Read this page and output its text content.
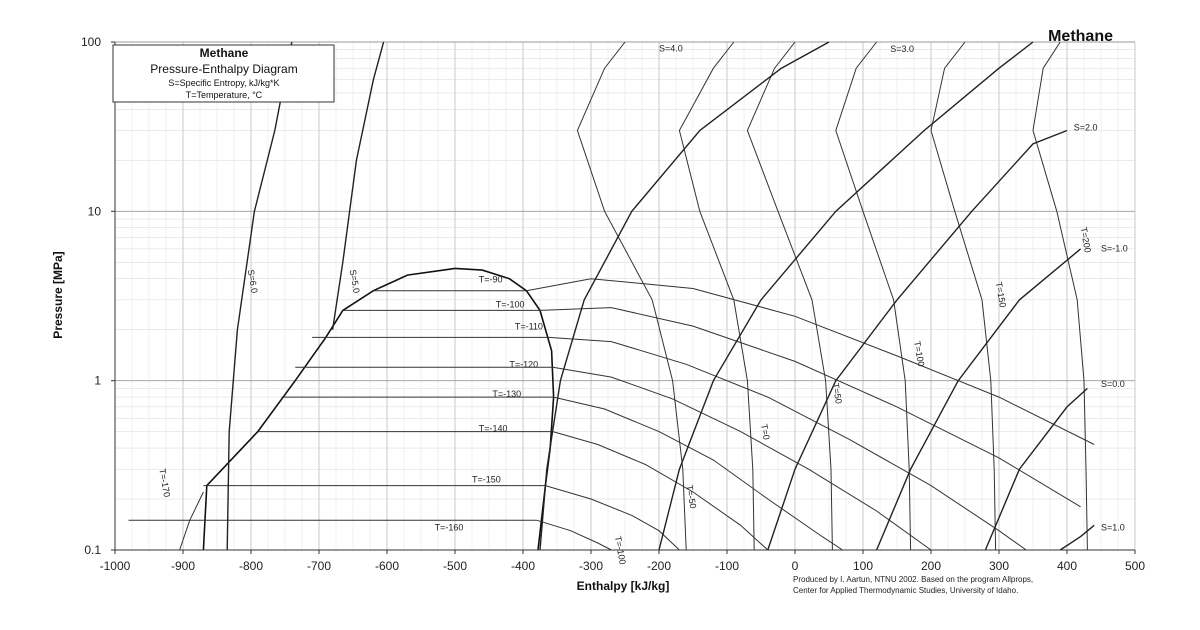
-1000	-900	-800	-700	-600	-500	-400	-300	-200	-100	0	100	200	300	400	500
0.1
1
10
100	S=4.0	S=3.0
S=2.0
S=-1.0
S=0.0
S=1.0
S=6.0	S=5.0
T=200
T=150
T=100
T=50
T=0
T=-50
T=-100
T=-170
T=-90
T=-100
T=-110
T=-120
T=-130
T=-140
T=-150
T=-160
Methane
Methane
Pressure-Enthalpy Diagram
S=Specific Entropy, kJ/kg*K
T=Temperature, °C
Enthalpy [kJ/kg]
Pressure [MPa]
Produced by I. Aartun, NTNU 2002. Based on the program Allprops,
Center for Applied Thermodynamic Studies, University of Idaho.
